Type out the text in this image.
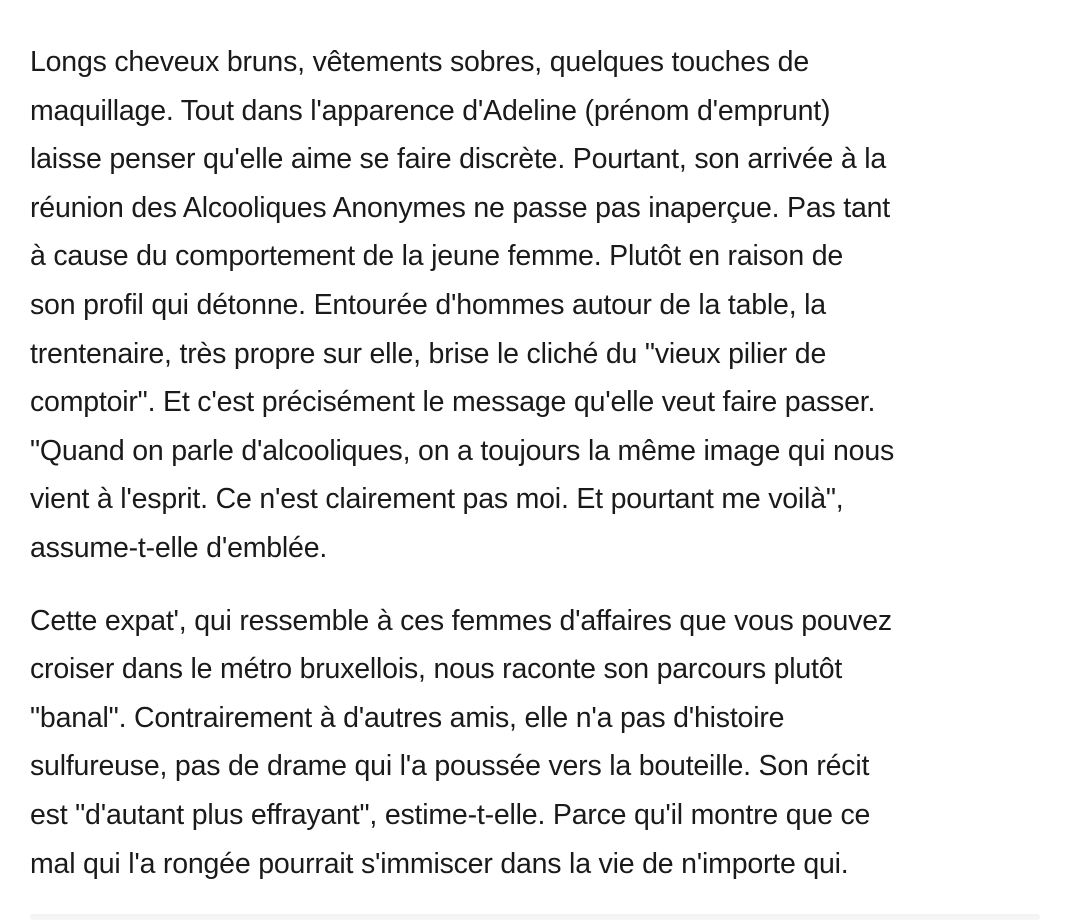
Longs cheveux bruns, vêtements sobres, quelques touches de
maquillage. Tout dans l'apparence d'Adeline (prénom d'emprunt)
laisse penser qu'elle aime se faire discrète. Pourtant, son arrivée à la
réunion des Alcooliques Anonymes ne passe pas inaperçue. Pas tant
à cause du comportement de la jeune femme. Plutôt en raison de
son profil qui détonne. Entourée d'hommes autour de la table, la
trentenaire, très propre sur elle, brise le cliché du "vieux pilier de
comptoir". Et c'est précisément le message qu'elle veut faire passer.
"Quand on parle d'alcooliques, on a toujours la même image qui nous
vient à l'esprit. Ce n'est clairement pas moi. Et pourtant me voilà",
assume-t-elle d'emblée.

Cette expat', qui ressemble à ces femmes d'affaires que vous pouvez
croiser dans le métro bruxellois, nous raconte son parcours plutôt
"banal". Contrairement à d'autres amis, elle n'a pas d'histoire
sulfureuse, pas de drame qui l'a poussée vers la bouteille. Son récit
est "d'autant plus effrayant", estime-t-elle. Parce qu'il montre que ce
mal qui l'a rongée pourrait s'immiscer dans la vie de n'importe qui.
